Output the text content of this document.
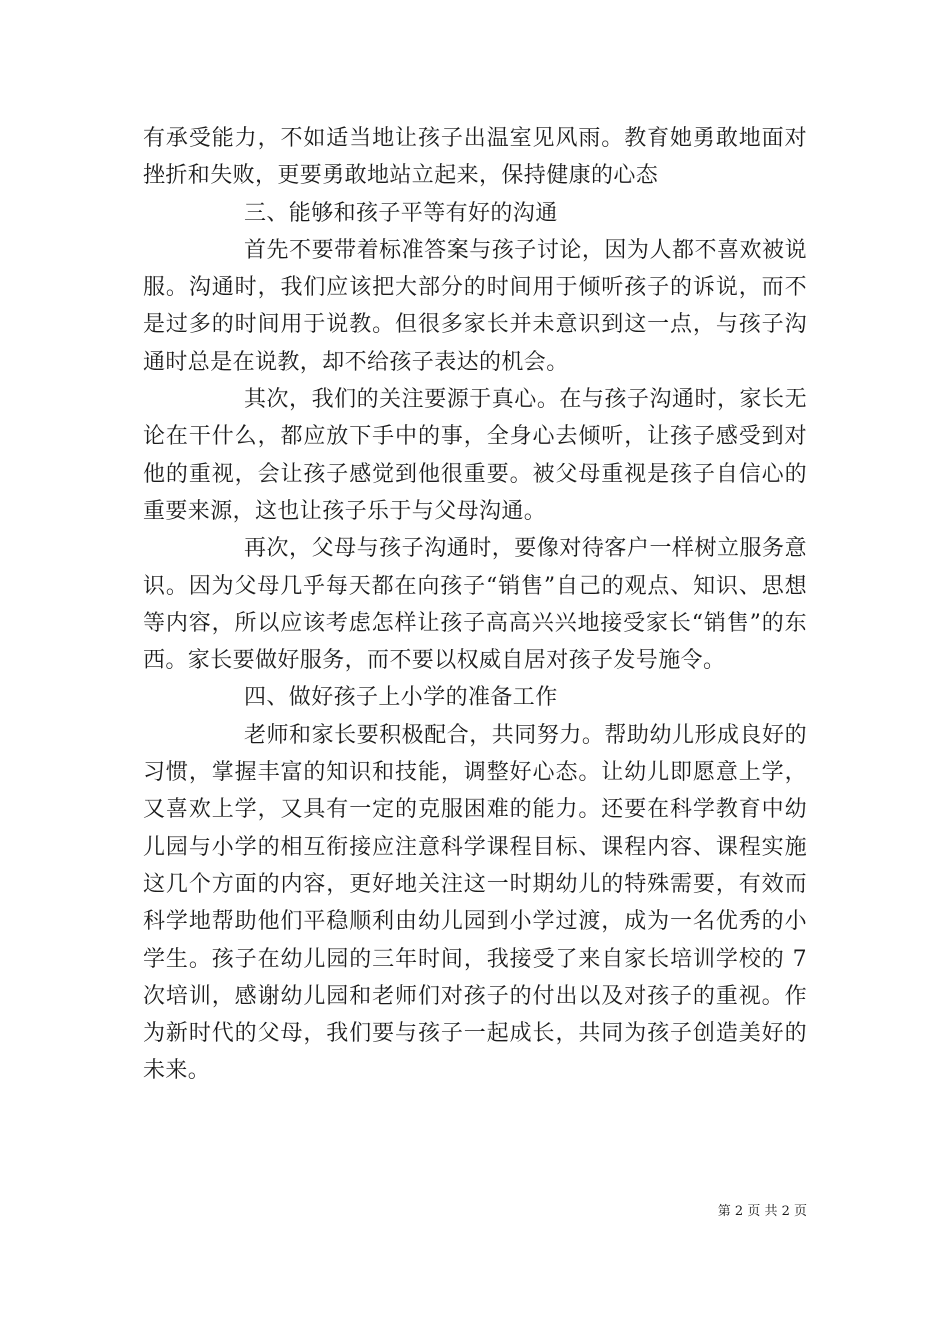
有承受能力，不如适当地让孩子出温室见风雨。教育她勇敢地面对挫折和失败，更要勇敢地站立起来，保持健康的心态

三、能够和孩子平等有好的沟通

首先不要带着标准答案与孩子讨论，因为人都不喜欢被说服。沟通时，我们应该把大部分的时间用于倾听孩子的诉说，而不是过多的时间用于说教。但很多家长并未意识到这一点，与孩子沟通时总是在说教，却不给孩子表达的机会。

其次，我们的关注要源于真心。在与孩子沟通时，家长无论在干什么，都应放下手中的事，全身心去倾听，让孩子感受到对他的重视，会让孩子感觉到他很重要。被父母重视是孩子自信心的重要来源，这也让孩子乐于与父母沟通。

再次，父母与孩子沟通时，要像对待客户一样树立服务意识。因为父母几乎每天都在向孩子“销售”自己的观点、知识、思想等内容，所以应该考虑怎样让孩子高高兴兴地接受家长“销售”的东西。家长要做好服务，而不要以权威自居对孩子发号施令。

四、做好孩子上小学的准备工作

老师和家长要积极配合，共同努力。帮助幼儿形成良好的习惯，掌握丰富的知识和技能，调整好心态。让幼儿即愿意上学，又喜欢上学，又具有一定的克服困难的能力。还要在科学教育中幼儿园与小学的相互衔接应注意科学课程目标、课程内容、课程实施这几个方面的内容，更好地关注这一时期幼儿的特殊需要，有效而科学地帮助他们平稳顺利由幼儿园到小学过渡，成为一名优秀的小学生。孩子在幼儿园的三年时间，我接受了来自家长培训学校的 7 次培训，感谢幼儿园和老师们对孩子的付出以及对孩子的重视。作为新时代的父母，我们要与孩子一起成长，共同为孩子创造美好的未来。

第 2 页 共 2 页
